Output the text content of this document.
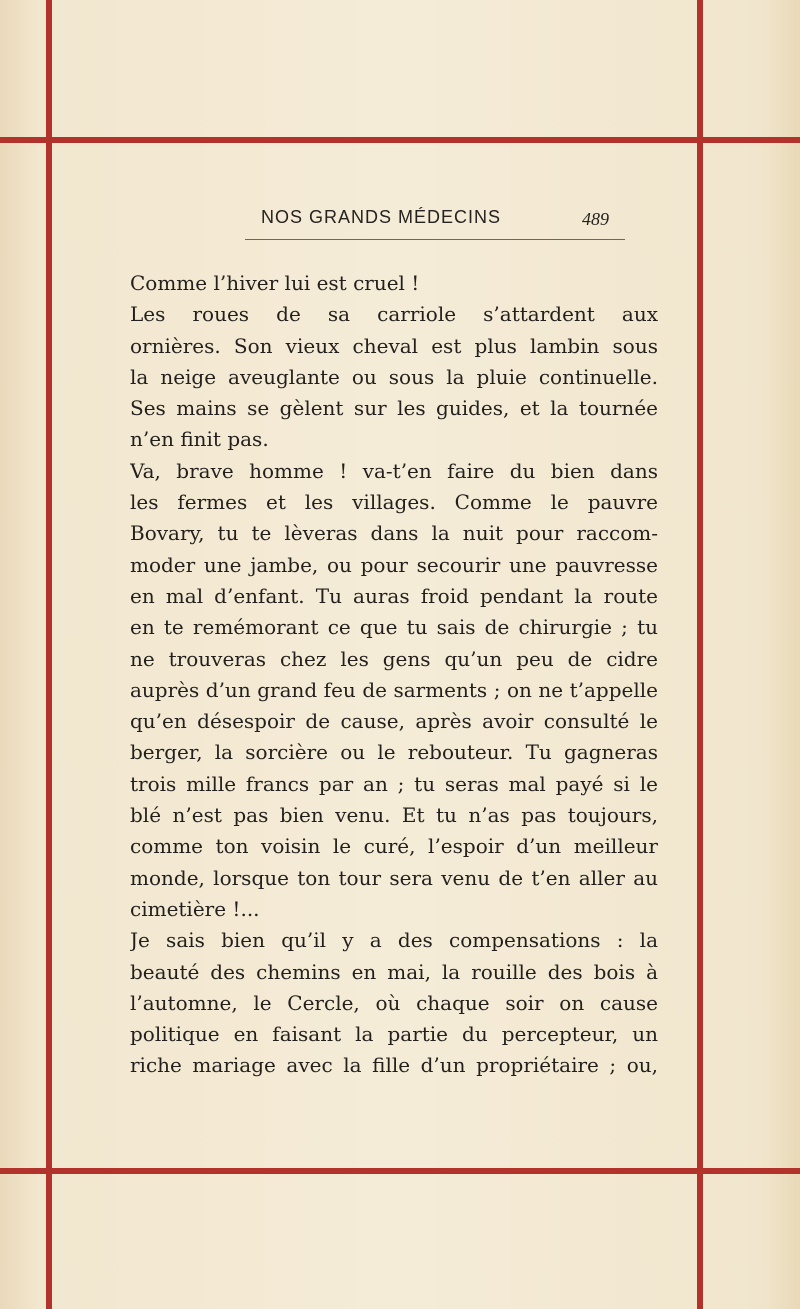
NOS GRANDS MÉDECINS	489
Comme l’hiver lui est cruel !
Les roues de sa carriole s’attardent aux
ornières. Son vieux cheval est plus lambin sous
la neige aveuglante ou sous la pluie continuelle.
Ses mains se gèlent sur les guides, et la tournée
n’en finit pas.
Va, brave homme ! va-t’en faire du bien dans
les fermes et les villages. Comme le pauvre
Bovary, tu te lèveras dans la nuit pour raccom-
moder une jambe, ou pour secourir une pauvresse
en mal d’enfant. Tu auras froid pendant la route
en te remémorant ce que tu sais de chirurgie ; tu
ne trouveras chez les gens qu’un peu de cidre
auprès d’un grand feu de sarments ; on ne t’appelle
qu’en désespoir de cause, après avoir consulté le
berger, la sorcière ou le rebouteur. Tu gagneras
trois mille francs par an ; tu seras mal payé si le
blé n’est pas bien venu. Et tu n’as pas toujours,
comme ton voisin le curé, l’espoir d’un meilleur
monde, lorsque ton tour sera venu de t’en aller au
cimetière !...
Je sais bien qu’il y a des compensations : la
beauté des chemins en mai, la rouille des bois à
l’automne, le Cercle, où chaque soir on cause
politique en faisant la partie du percepteur, un
riche mariage avec la fille d’un propriétaire ; ou,
